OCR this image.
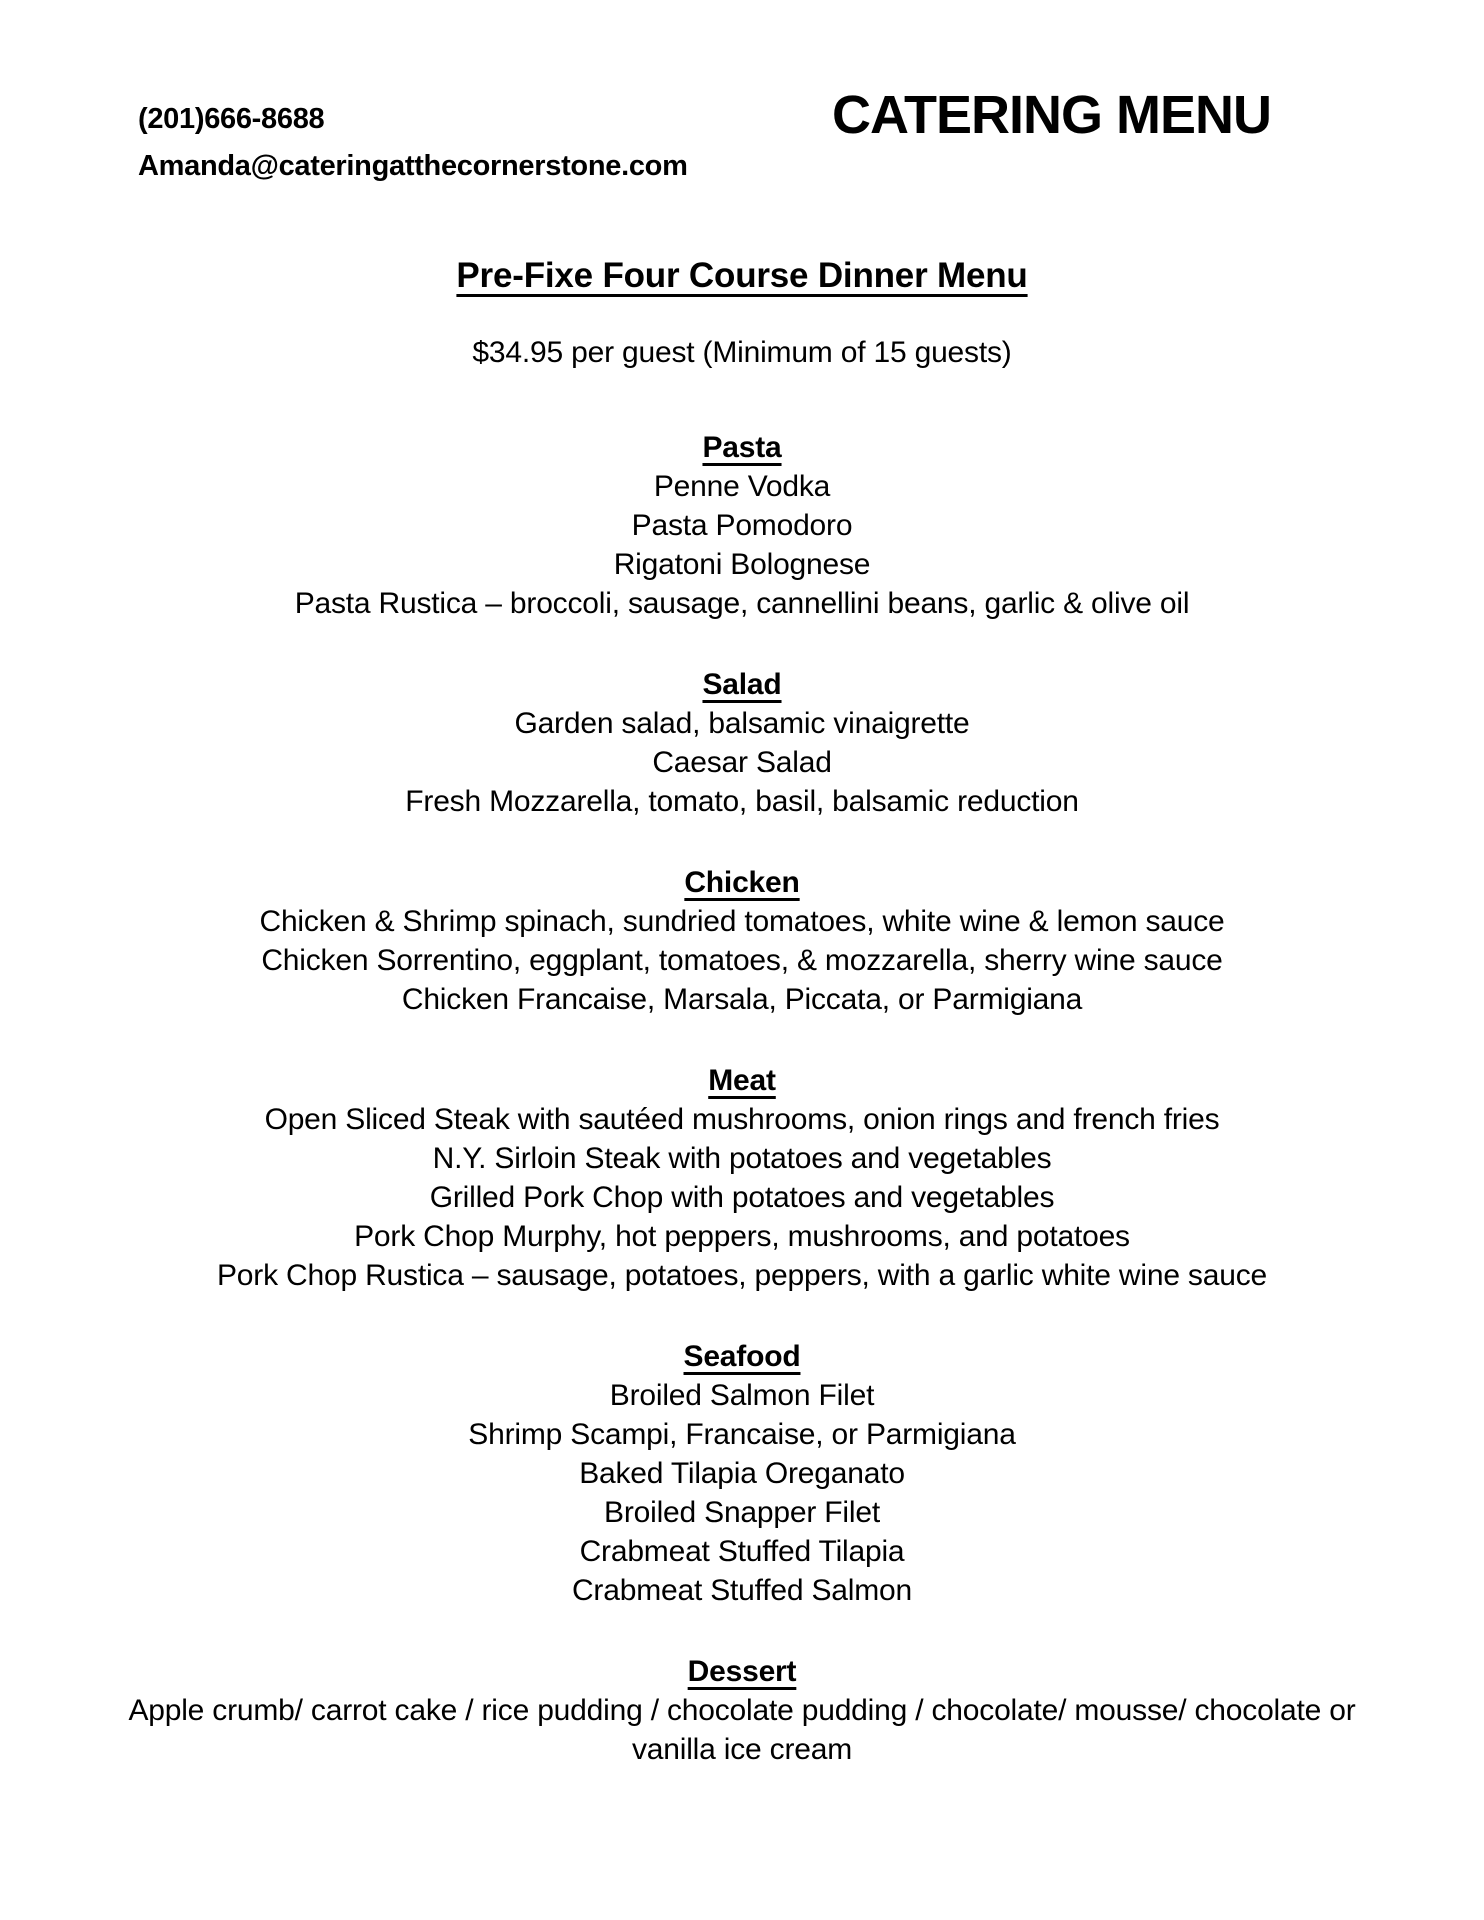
(201)666-8688
Amanda@cateringatthecornerstone.com
CATERING MENU
Pre-Fixe Four Course Dinner Menu

$34.95 per guest (Minimum of 15 guests)

Pasta
Penne Vodka
Pasta Pomodoro
Rigatoni Bolognese
Pasta Rustica – broccoli, sausage, cannellini beans, garlic & olive oil
Salad
Garden salad, balsamic vinaigrette
Caesar Salad
Fresh Mozzarella, tomato, basil, balsamic reduction
Chicken
Chicken & Shrimp spinach, sundried tomatoes, white wine & lemon sauce
Chicken Sorrentino, eggplant, tomatoes, & mozzarella, sherry wine sauce
Chicken Francaise, Marsala, Piccata, or Parmigiana
Meat
Open Sliced Steak with sautéed mushrooms, onion rings and french fries
N.Y. Sirloin Steak with potatoes and vegetables
Grilled Pork Chop with potatoes and vegetables
Pork Chop Murphy, hot peppers, mushrooms, and potatoes
Pork Chop Rustica – sausage, potatoes, peppers, with a garlic white wine sauce
Seafood
Broiled Salmon Filet
Shrimp Scampi, Francaise, or Parmigiana
Baked Tilapia Oreganato
Broiled Snapper Filet
Crabmeat Stuffed Tilapia
Crabmeat Stuffed Salmon
Dessert
Apple crumb/ carrot cake / rice pudding / chocolate pudding / chocolate/ mousse/ chocolate or vanilla ice cream
